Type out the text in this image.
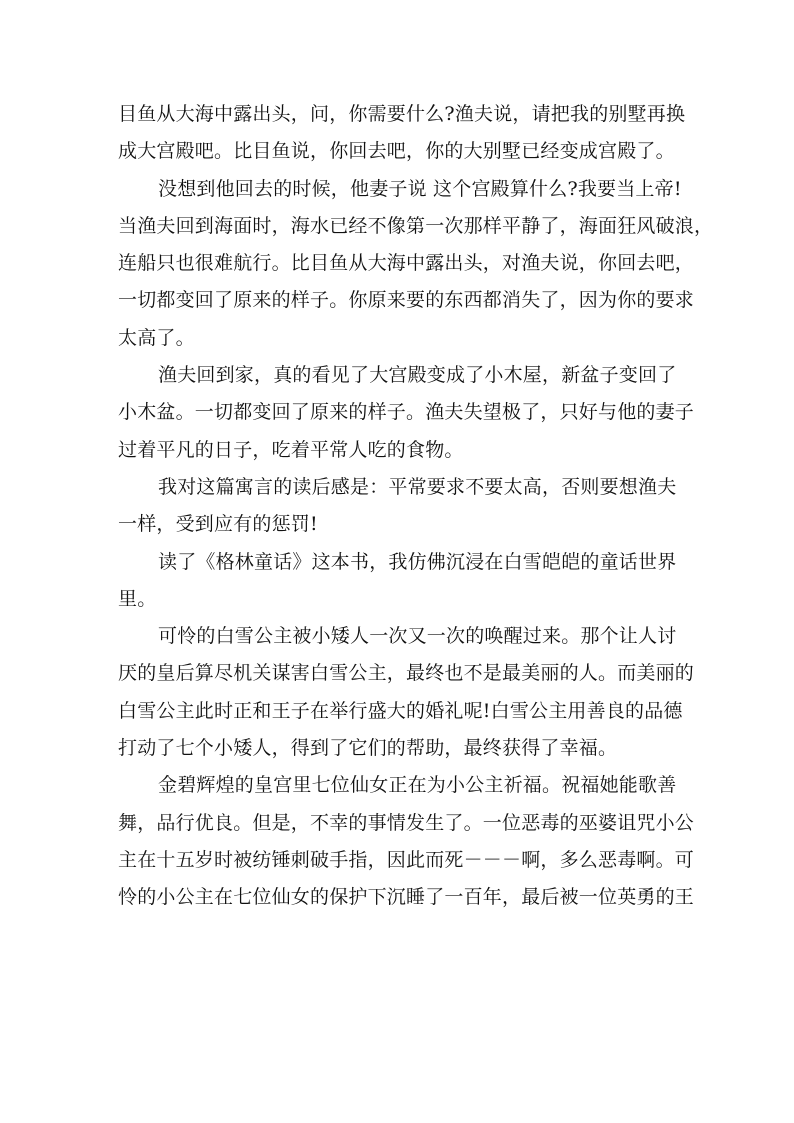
目鱼从大海中露出头，问，你需要什么?渔夫说，请把我的别墅再换
成大宫殿吧。比目鱼说，你回去吧，你的大别墅已经变成宫殿了。
没想到他回去的时候，他妻子说 这个宫殿算什么?我要当上帝!
当渔夫回到海面时，海水已经不像第一次那样平静了，海面狂风破浪，
连船只也很难航行。比目鱼从大海中露出头，对渔夫说，你回去吧，
一切都变回了原来的样子。你原来要的东西都消失了，因为你的要求
太高了。
渔夫回到家，真的看见了大宫殿变成了小木屋，新盆子变回了
小木盆。一切都变回了原来的样子。渔夫失望极了，只好与他的妻子
过着平凡的日子，吃着平常人吃的食物。
我对这篇寓言的读后感是：平常要求不要太高，否则要想渔夫
一样，受到应有的惩罚!
读了《格林童话》这本书，我仿佛沉浸在白雪皑皑的童话世界
里。
可怜的白雪公主被小矮人一次又一次的唤醒过来。那个让人讨
厌的皇后算尽机关谋害白雪公主，最终也不是最美丽的人。而美丽的
白雪公主此时正和王子在举行盛大的婚礼呢!白雪公主用善良的品德
打动了七个小矮人，得到了它们的帮助，最终获得了幸福。
金碧辉煌的皇宫里七位仙女正在为小公主祈福。祝福她能歌善
舞，品行优良。但是，不幸的事情发生了。一位恶毒的巫婆诅咒小公
主在十五岁时被纺锤刺破手指，因此而死－－－啊，多么恶毒啊。可
怜的小公主在七位仙女的保护下沉睡了一百年，最后被一位英勇的王
